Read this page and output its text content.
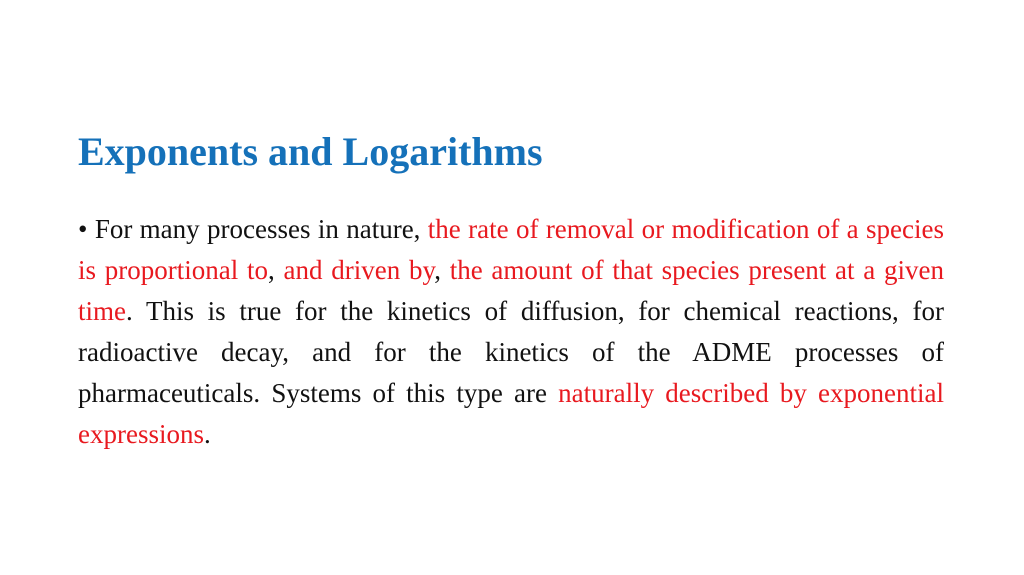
Exponents and Logarithms

• For many processes in nature, the rate of removal or modification of a species is proportional to, and driven by, the amount of that species present at a given time. This is true for the kinetics of diffusion, for chemical reactions, for radioactive decay, and for the kinetics of the ADME processes of pharmaceuticals. Systems of this type are naturally described by exponential expressions.
